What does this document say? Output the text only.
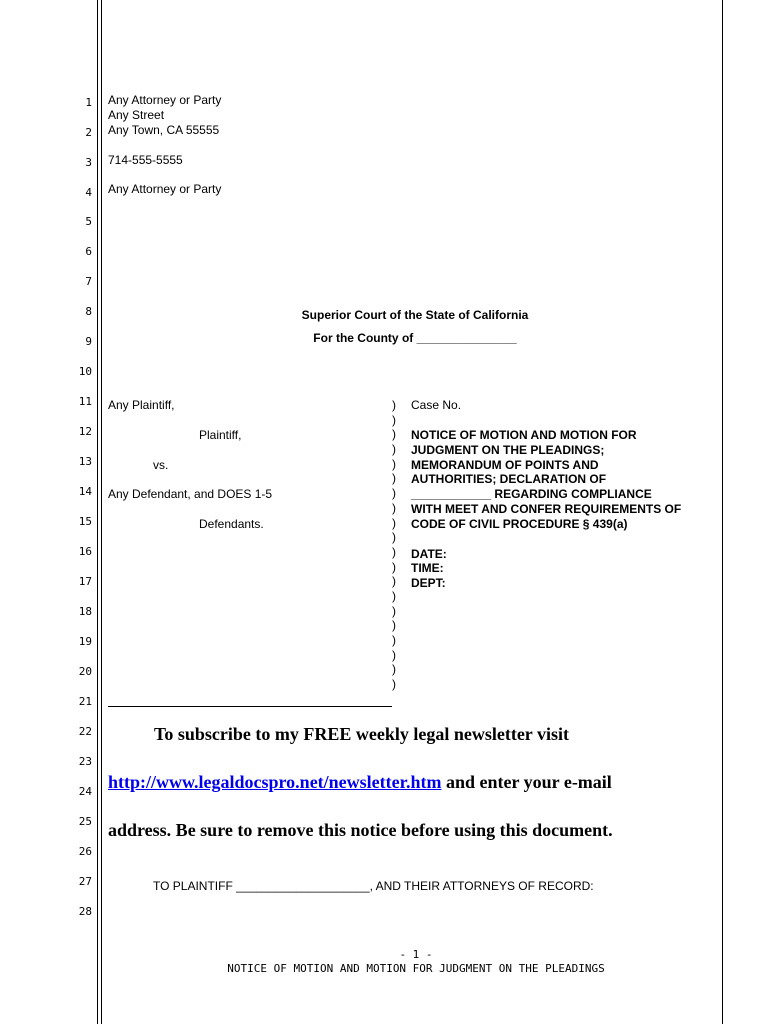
1
2
3
4
5
6
7
8
9
10
11
12
13
14
15
16
17
18
19
20
21
22
23
24
25
26
27
28
Any Attorney or Party
Any Street
Any Town, CA 55555
714-555-5555
Any Attorney or Party
Superior Court of the State of California
For the County of _______________
Any Plaintiff,
Plaintiff,
vs.
Any Defendant, and DOES 1-5
Defendants.
)
)
)
)
)
)
)
)
)
)
)
)
)
)
)
)
)
)
)
)
Case No.
NOTICE OF MOTION AND MOTION FOR
JUDGMENT ON THE PLEADINGS;
MEMORANDUM OF POINTS AND
AUTHORITIES; DECLARATION OF
____________ REGARDING COMPLIANCE
WITH MEET AND CONFER REQUIREMENTS OF
CODE OF CIVIL PROCEDURE § 439(a)
DATE:
TIME:
DEPT:
To subscribe to my FREE weekly legal newsletter visit
http://www.legaldocspro.net/newsletter.htm and enter your e-mail
address. Be sure to remove this notice before using this document.
TO PLAINTIFF ____________________, AND THEIR ATTORNEYS OF RECORD:
- 1 -
NOTICE OF MOTION AND MOTION FOR JUDGMENT ON THE PLEADINGS
